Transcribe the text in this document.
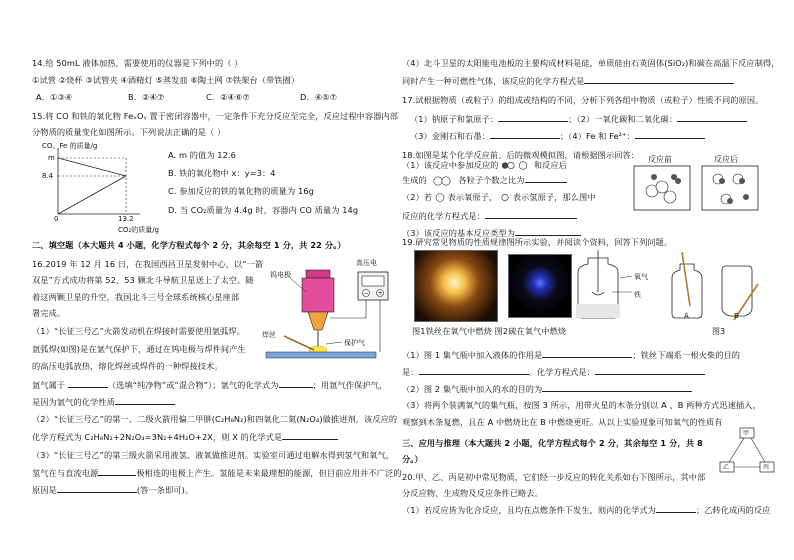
14.给 50mL 液体加热，需要使用的仪器是下列中的（ ）
①试管 ②烧杯 ③试管夹 ④酒精灯 ⑤蒸发皿 ⑥陶土网 ⑦铁架台（带铁圈）
A．①③④	B．②④⑦	C．②④⑥⑦	D．④⑤⑦
15.将 CO 和铁的氧化物 FeₓOᵧ 置于密闭容器中，一定条件下充分反应至完全，反应过程中容器内部
分物质的质量变化如图所示。下列说法正确的是（ ）
CO、Fe 的质量/g
m
8.4
0	13.2
CO₂的质量/g
A. m 的值为 12.6
B. 铁的氧化物中 x：y=3：4
C. 参加反应的铁的氧化物的质量为 16g
D. 当 CO₂质量为 4.4g 时，容器内 CO 质量为 14g
二、填空题（本大题共 4 小题，化学方程式每个 2 分，其余每空 1 分，共 22 分。）
16.2019 年 12 月 16 日，在我国西昌卫星发射中心，以“一箭
双星”方式成功将第 52、53 颗北斗导航卫星送上了太空。随
着这两颗卫星的升空，我国北斗三号全球系统核心星座部
署完成。
（1）“长征三号乙”火箭发动机在焊接时需要使用氩弧焊。
氩弧焊(如图)是在氩气保护下，通过在钨电极与焊件间产生
的高压电弧放热，熔化焊丝或焊件的一种焊接技术。
− +
钨电极
高压电
焊丝
保护气
氩气属于	（选填“纯净物”或“混合物”）；氩气的化学式为	；用氩气作保护气，
是因为氩气的化学性质
（2）“长征三号乙”的第一、二级火箭用偏二甲肼(C₂H₈N₂)和四氧化二氮(N₂O₄)做推进剂，该反应的
化学方程式为 C₂H₈N₂+2N₂O₄=3N₂+4H₂O+2X，则 X 的化学式是
（3）“长征三号乙”的第三级火箭采用液氢、液氧做推进剂。实验室可通过电解水得到氢气和氧气，
氢气在与直流电源	极相连的电极上产生。氢能是未来最理想的能源，但目前应用并不广泛的
原因是	(答一条即可)。
（4）北斗卫星的太阳能电池板的主要构成材料是硅，单质硅由石英固体(SiO₂)和碳在高温下反应制得，
同时产生一种可燃性气体，该反应的化学方程式是
17.试根据物质（或粒子）的组成或结构的不同，分析下列各组中物质（或粒子）性质不同的原因。
（1）钠原子和氯原子：	；（2）一氧化碳和二氧化碳：
（3）金刚石和石墨：	；（4）Fe 和 Fe²⁺：
18.如图是某个化学反应前、后的微观模拟图，请根据图示回答：
（1）该反应中参加反应的	和反应后
生成的	各粒子个数之比为
（2）若 表示氧原子， 表示氢原子，那么图中
反应的化学方程式是：
（3）该反应的基本反应类型为
反应前	反应后
19.研究常见物质的性质规律图所示实验，并阅读个资料，回答下列问题。
氧气
铁
A	B
图3
图1铁丝在氧气中燃烧 图2硫在氧气中燃烧
（1）图 1 集气瓶中加入液体的作用是	；铁丝下端系一根火柴的目的
是：	。化学方程式是：
（2）图 2 集气瓶中加入的水的目的为
（3）将两个装满氧气的集气瓶，按图 3 所示，用带火星的木条分别以 A 、B 两种方式迅速插入，
观察到木条复燃，且在 A 中燃烧比在 B 中燃烧更旺。从以上实验现象可知氧气的性质有
三、应用与推理（本大题共 2 小题，化学方程式每个 2 分，其余每空 1 分，共 8
分。）
20.甲、乙、丙是初中常见物质，它们经一步反应的转化关系如右下图所示，其中部
分反应物、生成物及反应条件已略去。
（1）若反应皆为化合反应，且均在点燃条件下发生，则丙的化学式为	；乙转化成丙的反应
甲
乙	丙
